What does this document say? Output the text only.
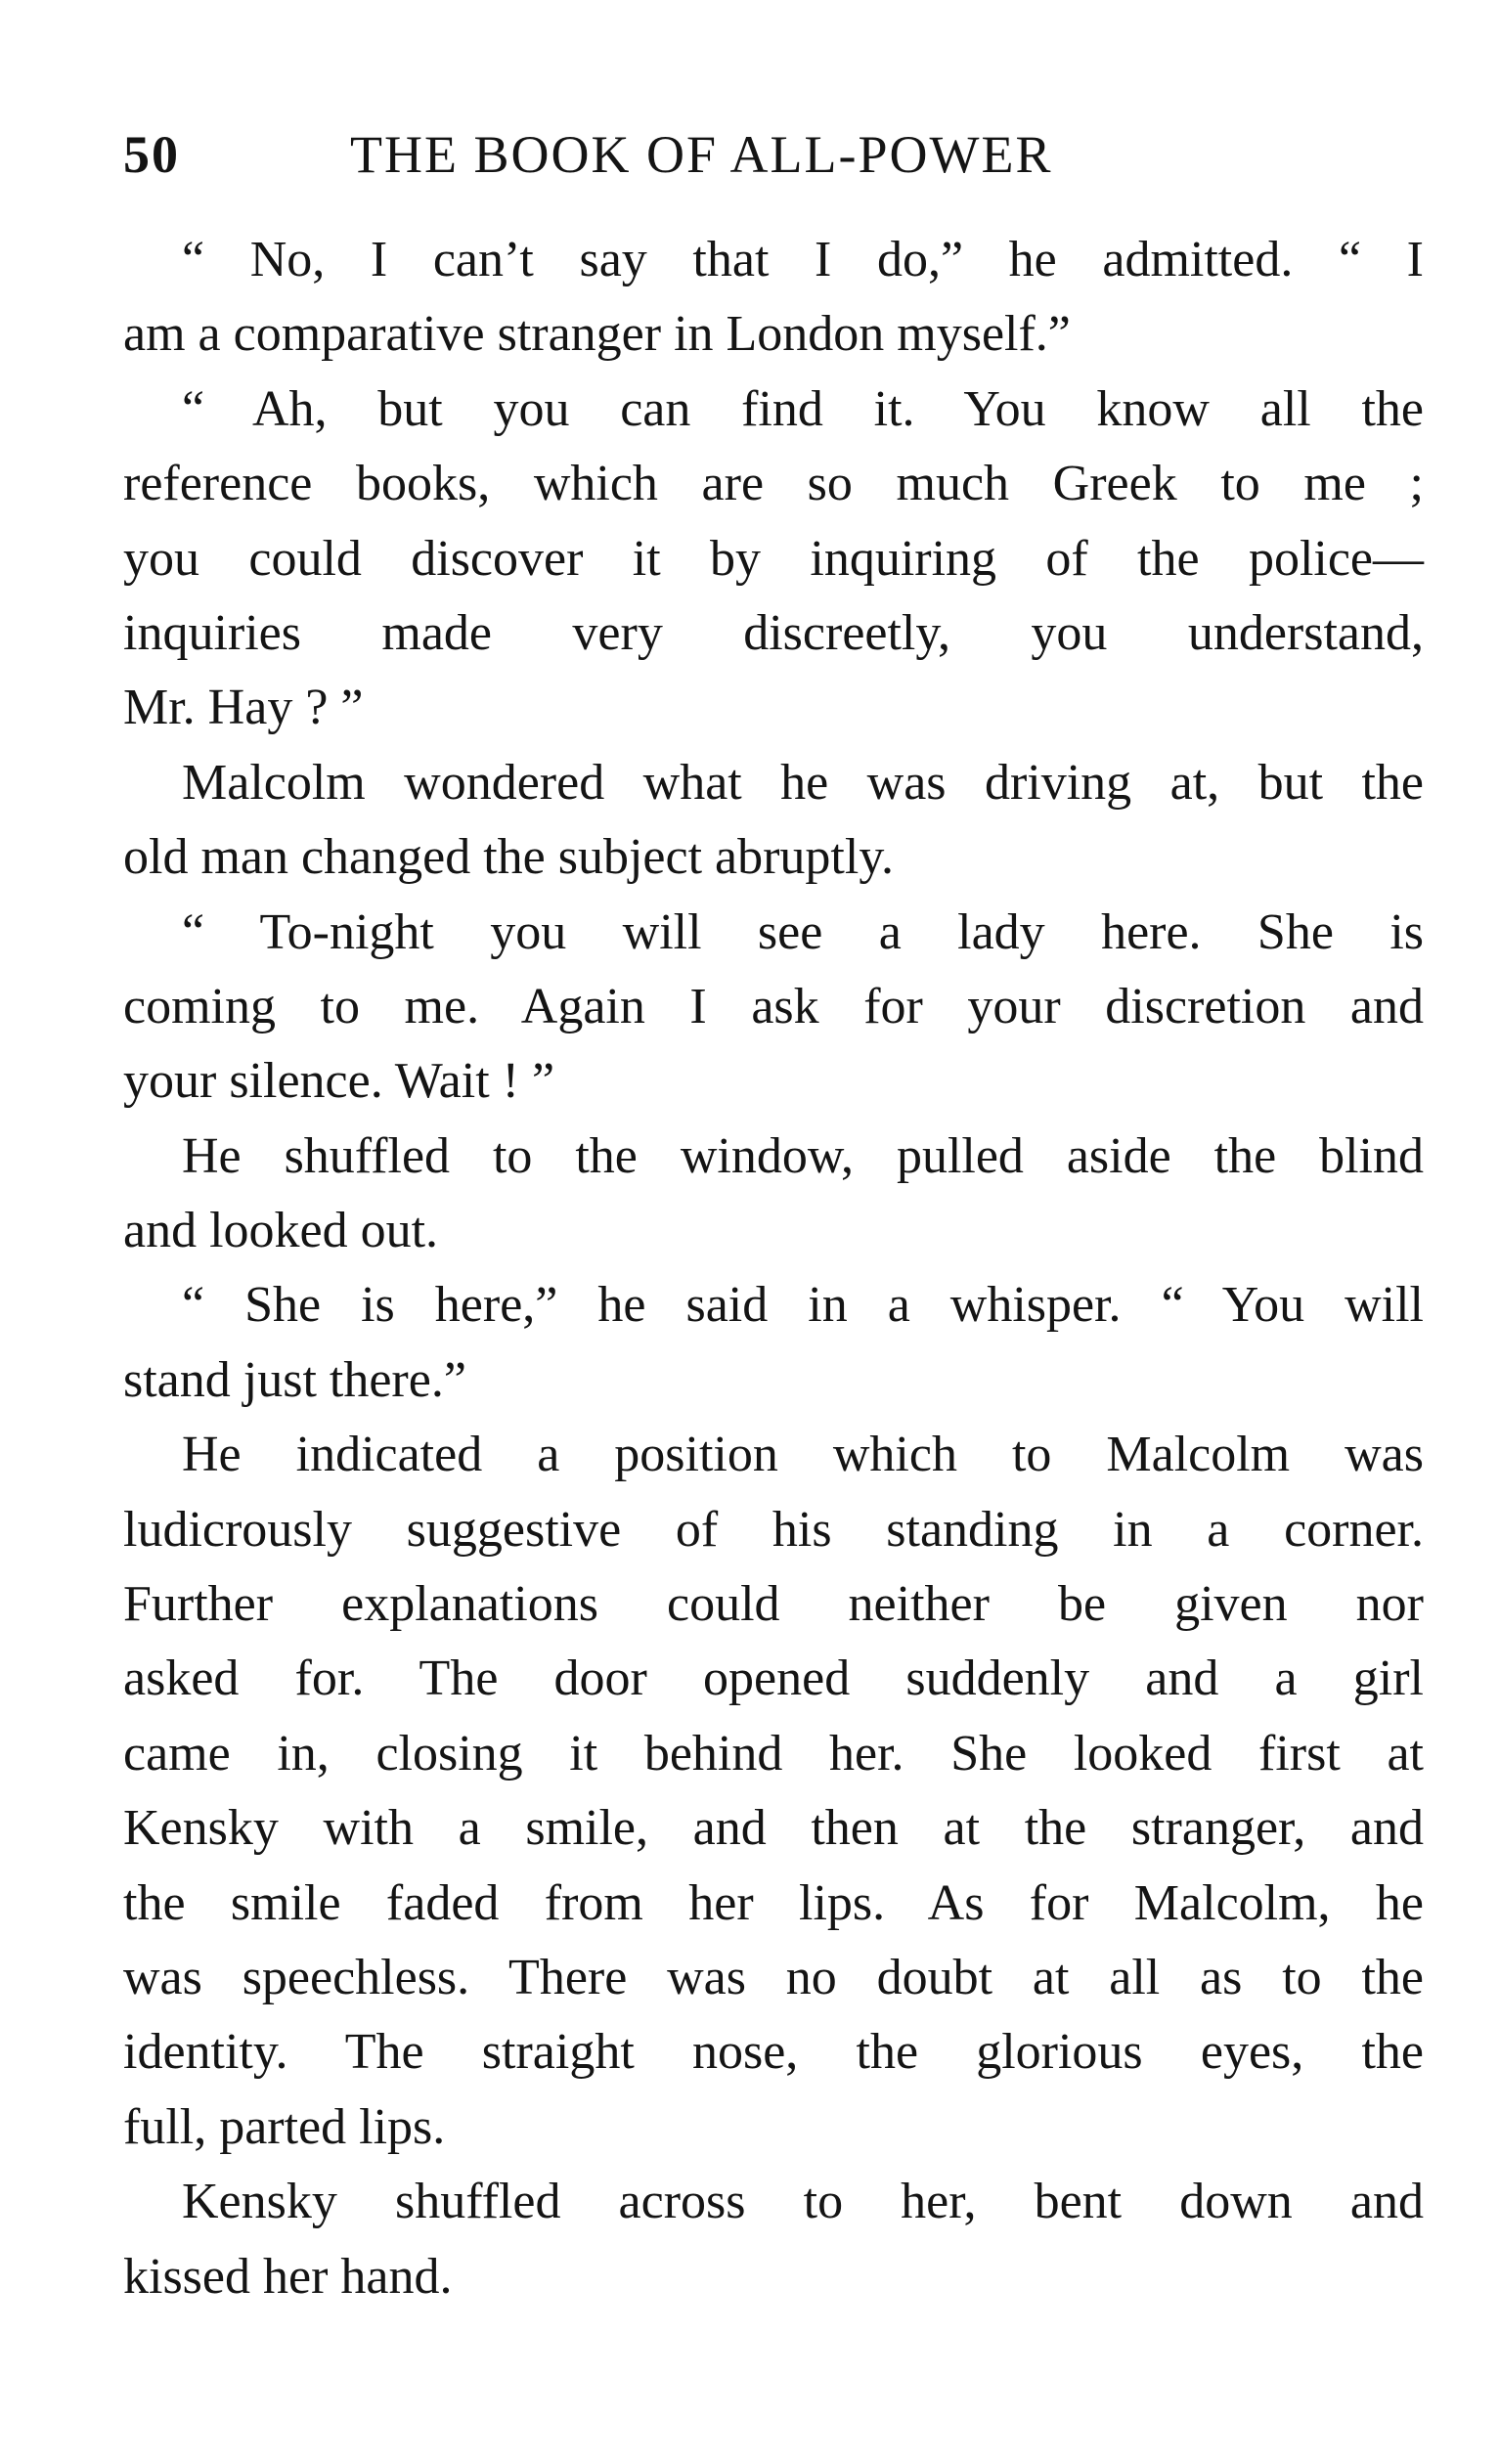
50	THE BOOK OF ALL-POWER
“ No, I can’t say that I do,” he admitted. “ I
am a comparative stranger in London myself.”
“ Ah, but you can find it. You know all the
reference books, which are so much Greek to me ;
you could discover it by inquiring of the police—
inquiries made very discreetly, you understand,
Mr. Hay ? ”
Malcolm wondered what he was driving at, but the
old man changed the subject abruptly.
“ To-night you will see a lady here. She is
coming to me. Again I ask for your discretion and
your silence. Wait ! ”
He shuffled to the window, pulled aside the blind
and looked out.
“ She is here,” he said in a whisper. “ You will
stand just there.”
He indicated a position which to Malcolm was
ludicrously suggestive of his standing in a corner.
Further explanations could neither be given nor
asked for. The door opened suddenly and a girl
came in, closing it behind her. She looked first at
Kensky with a smile, and then at the stranger, and
the smile faded from her lips. As for Malcolm, he
was speechless. There was no doubt at all as to the
identity. The straight nose, the glorious eyes, the
full, parted lips.
Kensky shuffled across to her, bent down and
kissed her hand.
